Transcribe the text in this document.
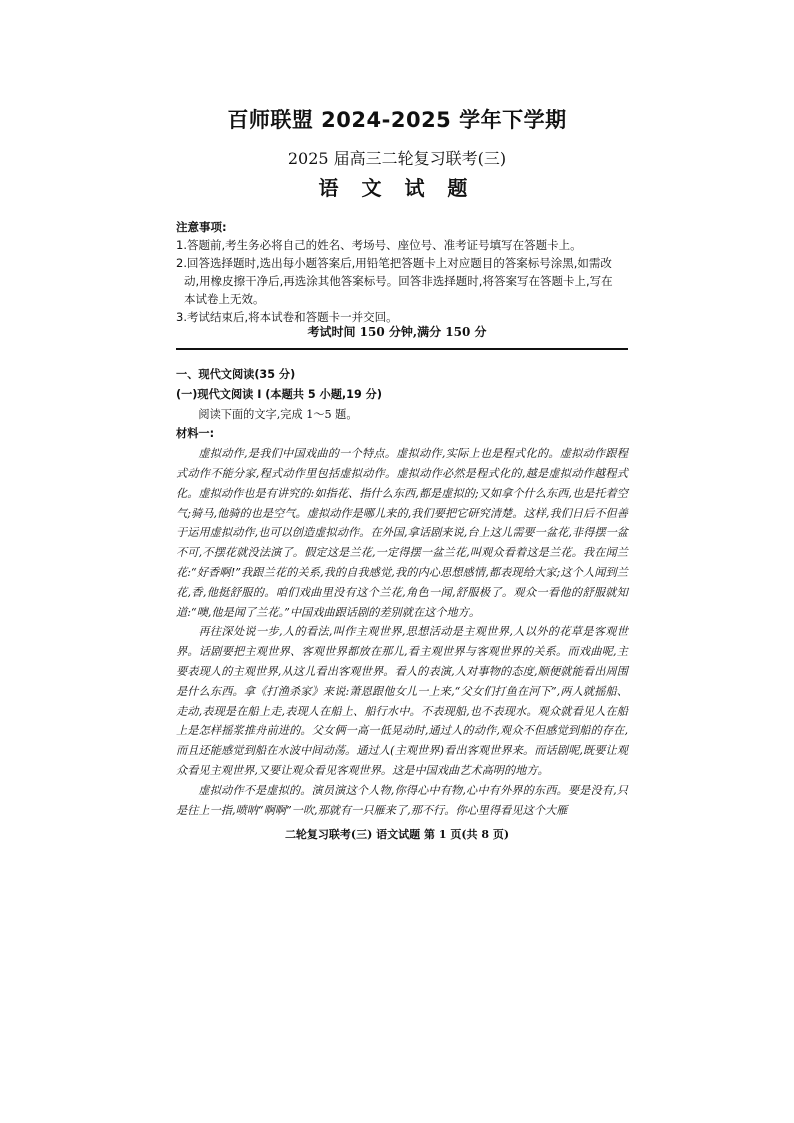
百师联盟 2024-2025 学年下学期
2025 届高三二轮复习联考(三)
语 文 试 题

注意事项:

1.答题前,考生务必将自己的姓名、考场号、座位号、准考证号填写在答题卡上。

2.回答选择题时,选出每小题答案后,用铅笔把答题卡上对应题目的答案标号涂黑,如需改

动,用橡皮擦干净后,再选涂其他答案标号。回答非选择题时,将答案写在答题卡上,写在

本试卷上无效。

3.考试结束后,将本试卷和答题卡一并交回。

考试时间 150 分钟,满分 150 分

一、现代文阅读(35 分)

(一)现代文阅读 I (本题共 5 小题,19 分)

阅读下面的文字,完成 1～5 题。

材料一:

虚拟动作,是我们中国戏曲的一个特点。虚拟动作,实际上也是程式化的。虚拟动作跟程式动作不能分家,程式动作里包括虚拟动作。虚拟动作必然是程式化的,越是虚拟动作越程式化。虚拟动作也是有讲究的:如指花、指什么东西,都是虚拟的;又如拿个什么东西,也是托着空气;骑马,他骑的也是空气。虚拟动作是哪儿来的,我们要把它研究清楚。这样,我们日后不但善于运用虚拟动作,也可以创造虚拟动作。在外国,拿话剧来说,台上这儿需要一盆花,非得摆一盆不可,不摆花就没法演了。假定这是兰花,一定得摆一盆兰花,叫观众看着这是兰花。我在闻兰花:“好香啊!”我跟兰花的关系,我的自我感觉,我的内心思想感情,都表现给大家;这个人闻到兰花,香,他挺舒服的。咱们戏曲里没有这个兰花,角色一闻,舒服极了。观众一看他的舒服就知道:“噢,他是闻了兰花。”中国戏曲跟话剧的差别就在这个地方。

再往深处说一步,人的看法,叫作主观世界,思想活动是主观世界,人以外的花草是客观世界。话剧要把主观世界、客观世界都放在那儿,看主观世界与客观世界的关系。而戏曲呢,主要表现人的主观世界,从这儿看出客观世界。看人的表演,人对事物的态度,顺便就能看出周围是什么东西。拿《打渔杀家》来说:萧恩跟他女儿一上来,“父女们打鱼在河下”,两人就摇船、走动,表现是在船上走,表现人在船上、船行水中。不表现船,也不表现水。观众就看见人在船上是怎样摇浆推舟前进的。父女俩一高一低晃动时,通过人的动作,观众不但感觉到船的存在,而且还能感觉到船在水波中间动荡。通过人(主观世界)看出客观世界来。而话剧呢,既要让观众看见主观世界,又要让观众看见客观世界。这是中国戏曲艺术高明的地方。

虚拟动作不是虚拟的。演员演这个人物,你得心中有物,心中有外界的东西。要是没有,只是往上一指,喷呐“啊啊”一吹,那就有一只雁来了,那不行。你心里得看见这个大雁

二轮复习联考(三) 语文试题 第 1 页(共 8 页)
